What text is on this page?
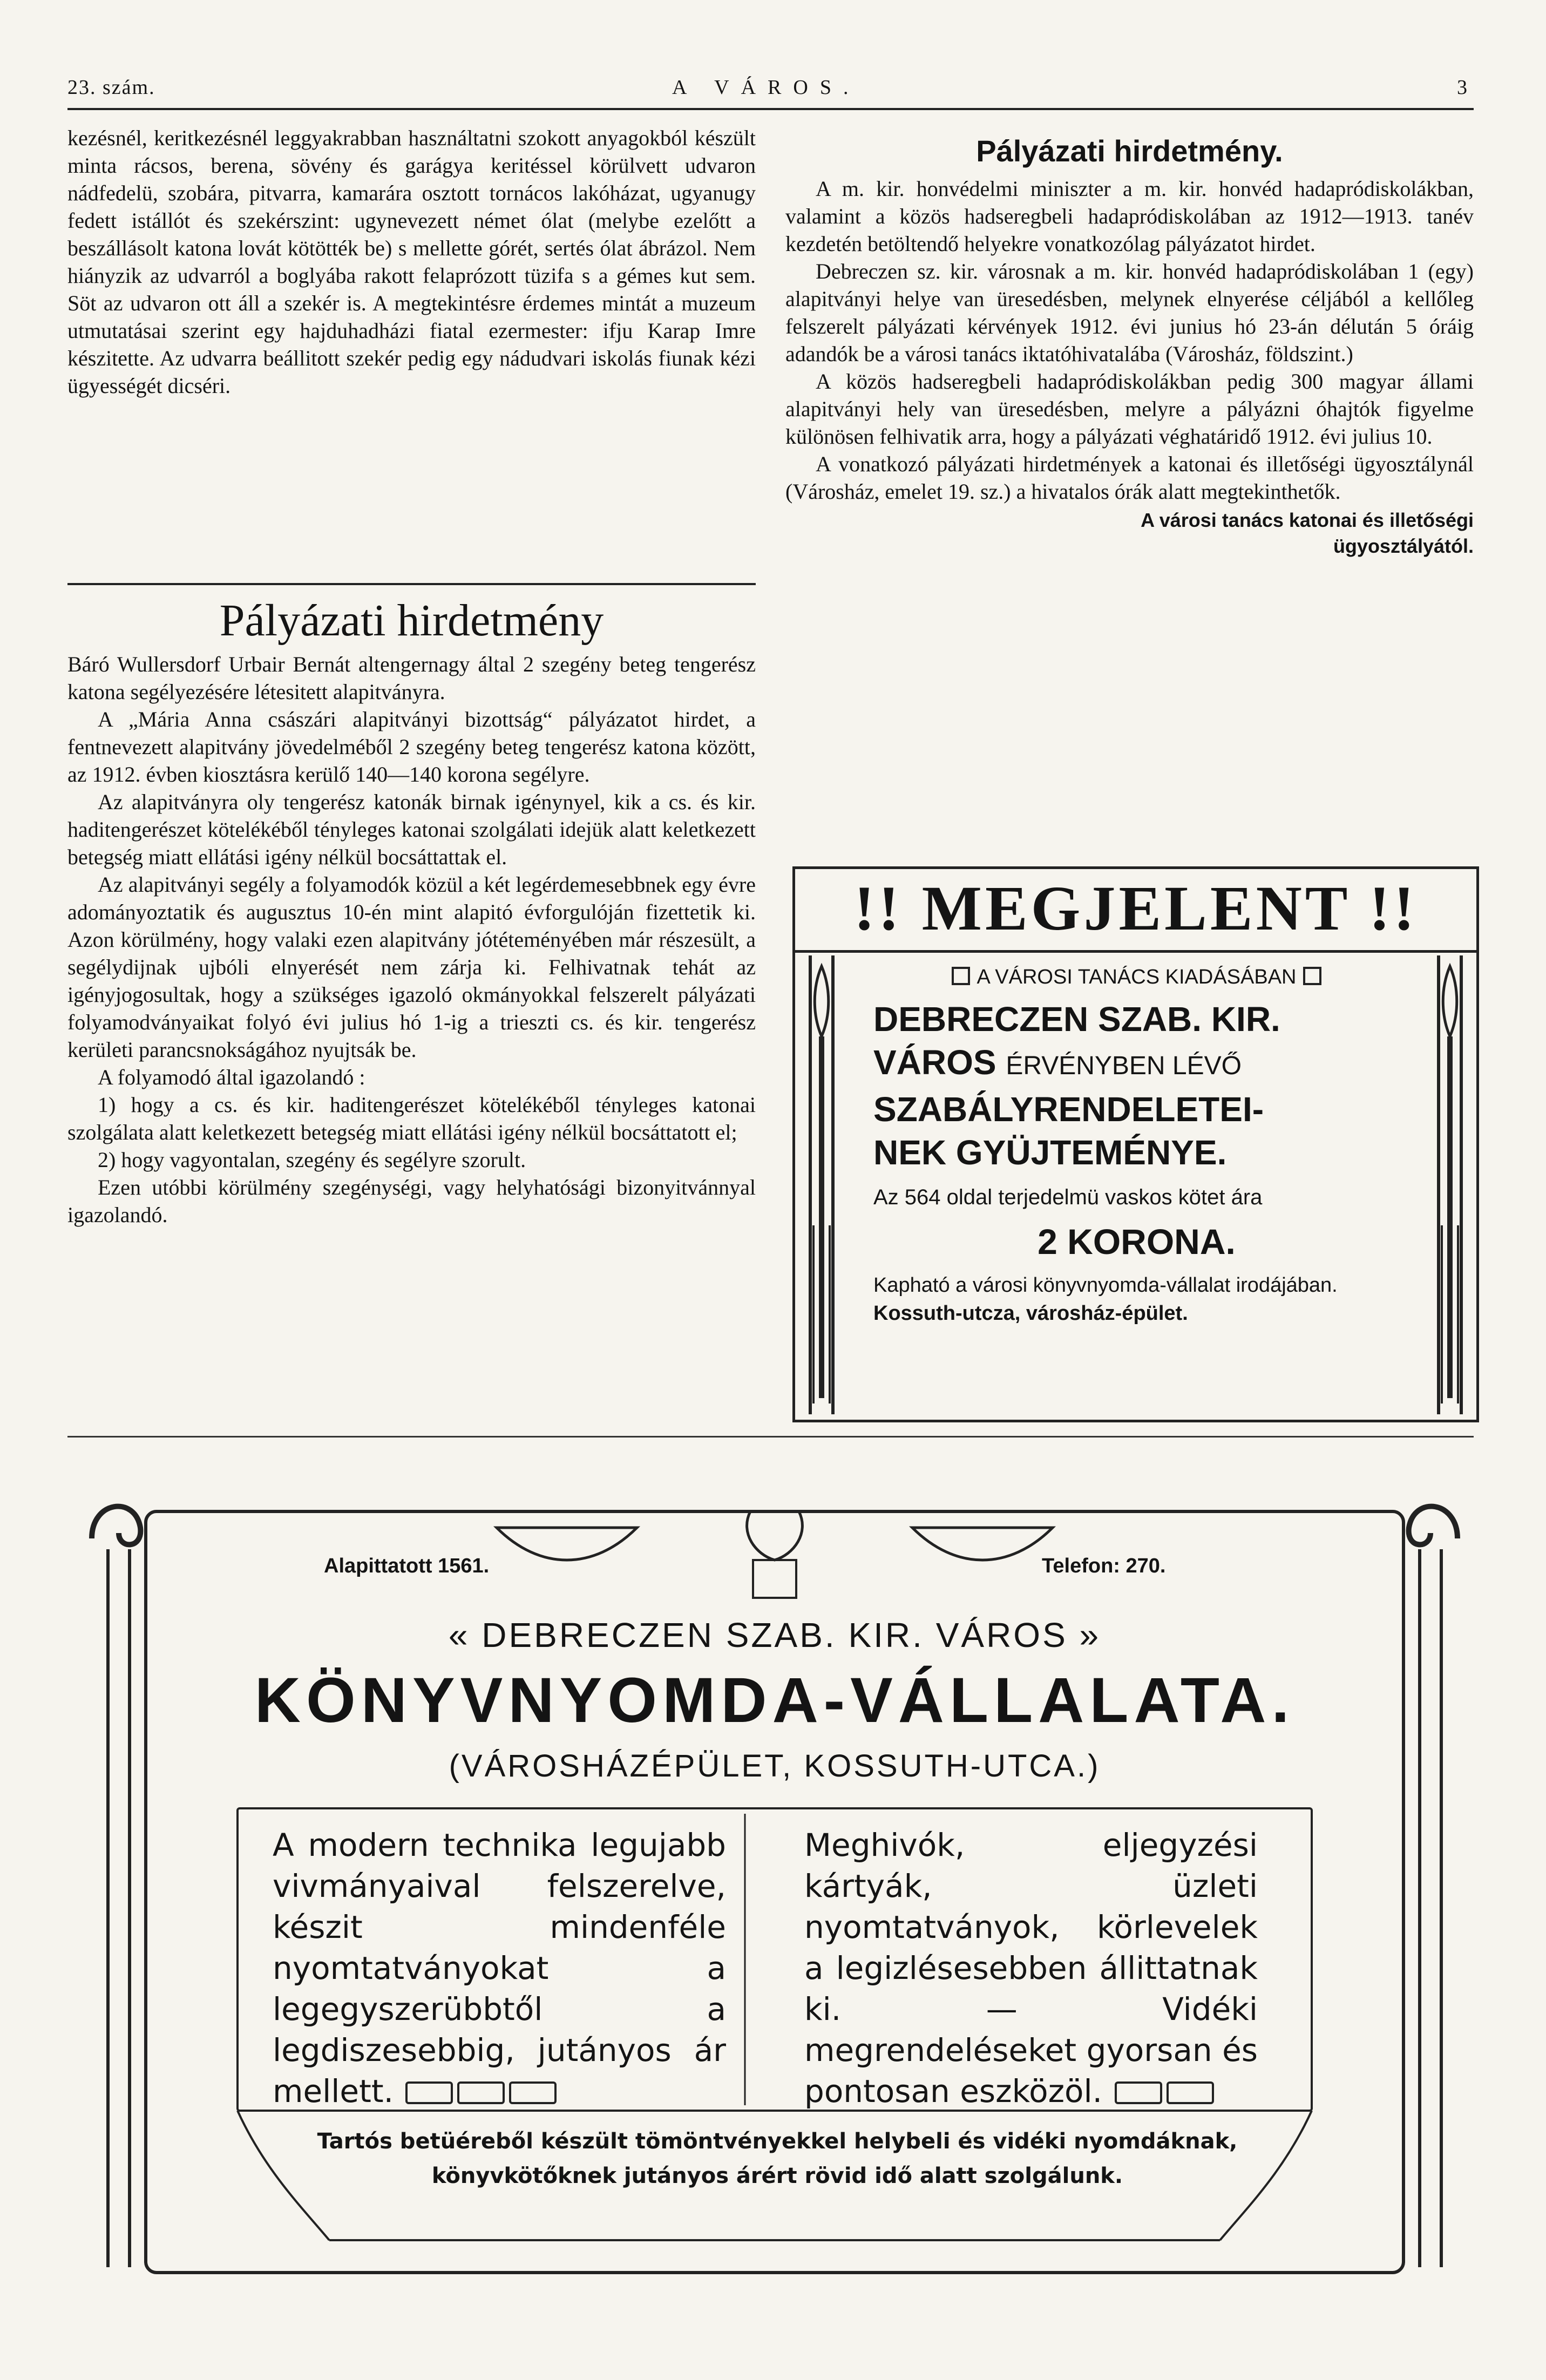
23. szám.	A VÁROS.	3

kezésnél, keritkezésnél leggyakrabban használtatni szokott anyagokból készült minta rácsos, berena, sövény és garágya keritéssel körülvett udvaron nádfedelü, szobára, pitvarra, kamarára osztott tornácos lakóházat, ugyanugy fedett istállót és szekérszint: ugynevezett német ólat (melybe ezelőtt a beszállásolt katona lovát kötötték be) s mellette górét, sertés ólat ábrázol. Nem hiányzik az udvarról a boglyába rakott felaprózott tüzifa s a gémes kut sem. Söt az udvaron ott áll a szekér is. A megtekintésre érdemes mintát a muzeum utmutatásai szerint egy hajduhadházi fiatal ezermester: ifju Karap Imre készitette. Az udvarra beállitott szekér pedig egy nádudvari iskolás fiunak kézi ügyességét dicséri.

Pályázati hirdetmény

Báró Wullersdorf Urbair Bernát altengernagy által 2 szegény beteg tengerész katona segélyezésére létesitett alapitványra.

A „Mária Anna császári alapitványi bizottság“ pályázatot hirdet, a fentnevezett alapitvány jövedelméből 2 szegény beteg tengerész katona között, az 1912. évben kiosztásra kerülő 140—140 korona segélyre.

Az alapitványra oly tengerész katonák birnak igénynyel, kik a cs. és kir. haditengerészet kötelékéből tényleges katonai szolgálati idejük alatt keletkezett betegség miatt ellátási igény nélkül bocsáttattak el.

Az alapitványi segély a folyamodók közül a két legérdemesebbnek egy évre adományoztatik és augusztus 10-én mint alapitó évforgulóján fizettetik ki. Azon körülmény, hogy valaki ezen alapitvány jótéteményében már részesült, a segélydijnak ujbóli elnyerését nem zárja ki. Felhivatnak tehát az igényjogosultak, hogy a szükséges igazoló okmányokkal felszerelt pályázati folyamodványaikat folyó évi julius hó 1-ig a trieszti cs. és kir. tengerész kerületi parancsnokságához nyujtsák be.

A folyamodó által igazolandó :

1) hogy a cs. és kir. haditengerészet kötelékéből tényleges katonai szolgálata alatt keletkezett betegség miatt ellátási igény nélkül bocsáttatott el;

2) hogy vagyontalan, szegény és segélyre szorult.

Ezen utóbbi körülmény szegénységi, vagy helyhatósági bizonyitvánnyal igazolandó.

Pályázati hirdetmény.

A m. kir. honvédelmi miniszter a m. kir. honvéd hadapródiskolákban, valamint a közös hadseregbeli hadapródiskolában az 1912—1913. tanév kezdetén betöltendő helyekre vonatkozólag pályázatot hirdet.

Debreczen sz. kir. városnak a m. kir. honvéd hadapródiskolában 1 (egy) alapitványi helye van üresedésben, melynek elnyerése céljából a kellőleg felszerelt pályázati kérvények 1912. évi junius hó 23-án délután 5 óráig adandók be a városi tanács iktatóhivatalába (Városház, földszint.)

A közös hadseregbeli hadapródiskolákban pedig 300 magyar állami alapitványi hely van üresedésben, melyre a pályázni óhajtók figyelme különösen felhivatik arra, hogy a pályázati véghatáridő 1912. évi julius 10.

A vonatkozó pályázati hirdetmények a katonai és illetőségi ügyosztálynál (Városház, emelet 19. sz.) a hivatalos órák alatt megtekinthetők.

A városi tanács katonai és illetőségi
ügyosztályától.
!! MEGJELENT !!
A VÁROSI TANÁCS KIADÁSÁBAN
DEBRECZEN SZAB. KIR.
VÁROS ÉRVÉNYBEN LÉVŐ
SZABÁLYRENDELETEI-
NEK GYÜJTEMÉNYE.
Az 564 oldal terjedelmü vaskos kötet ára
2 KORONA.
Kapható a városi könyvnyomda-vállalat irodájában. Kossuth-utcza, városház-épület.
Alapittatott 1561.	Telefon: 270.
« DEBRECZEN SZAB. KIR. VÁROS »
KÖNYVNYOMDA-VÁLLALATA.
(VÁROSHÁZÉPÜLET, KOSSUTH-UTCA.)
A modern technika legujabb vivmányaival felszerelve, készit mindenféle nyomtatványokat a legegyszerübbtől a legdiszesebbig, jutányos ár mellett.
Meghivók, eljegyzési kártyák, üzleti nyomtatványok, körlevelek a legizlésesebben állittatnak ki. — Vidéki megrendeléseket gyorsan és pontosan eszközöl.
Tartós betüéreből készült tömöntvényekkel helybeli és vidéki nyomdáknak, könyvkötőknek jutányos árért rövid idő alatt szolgálunk.
